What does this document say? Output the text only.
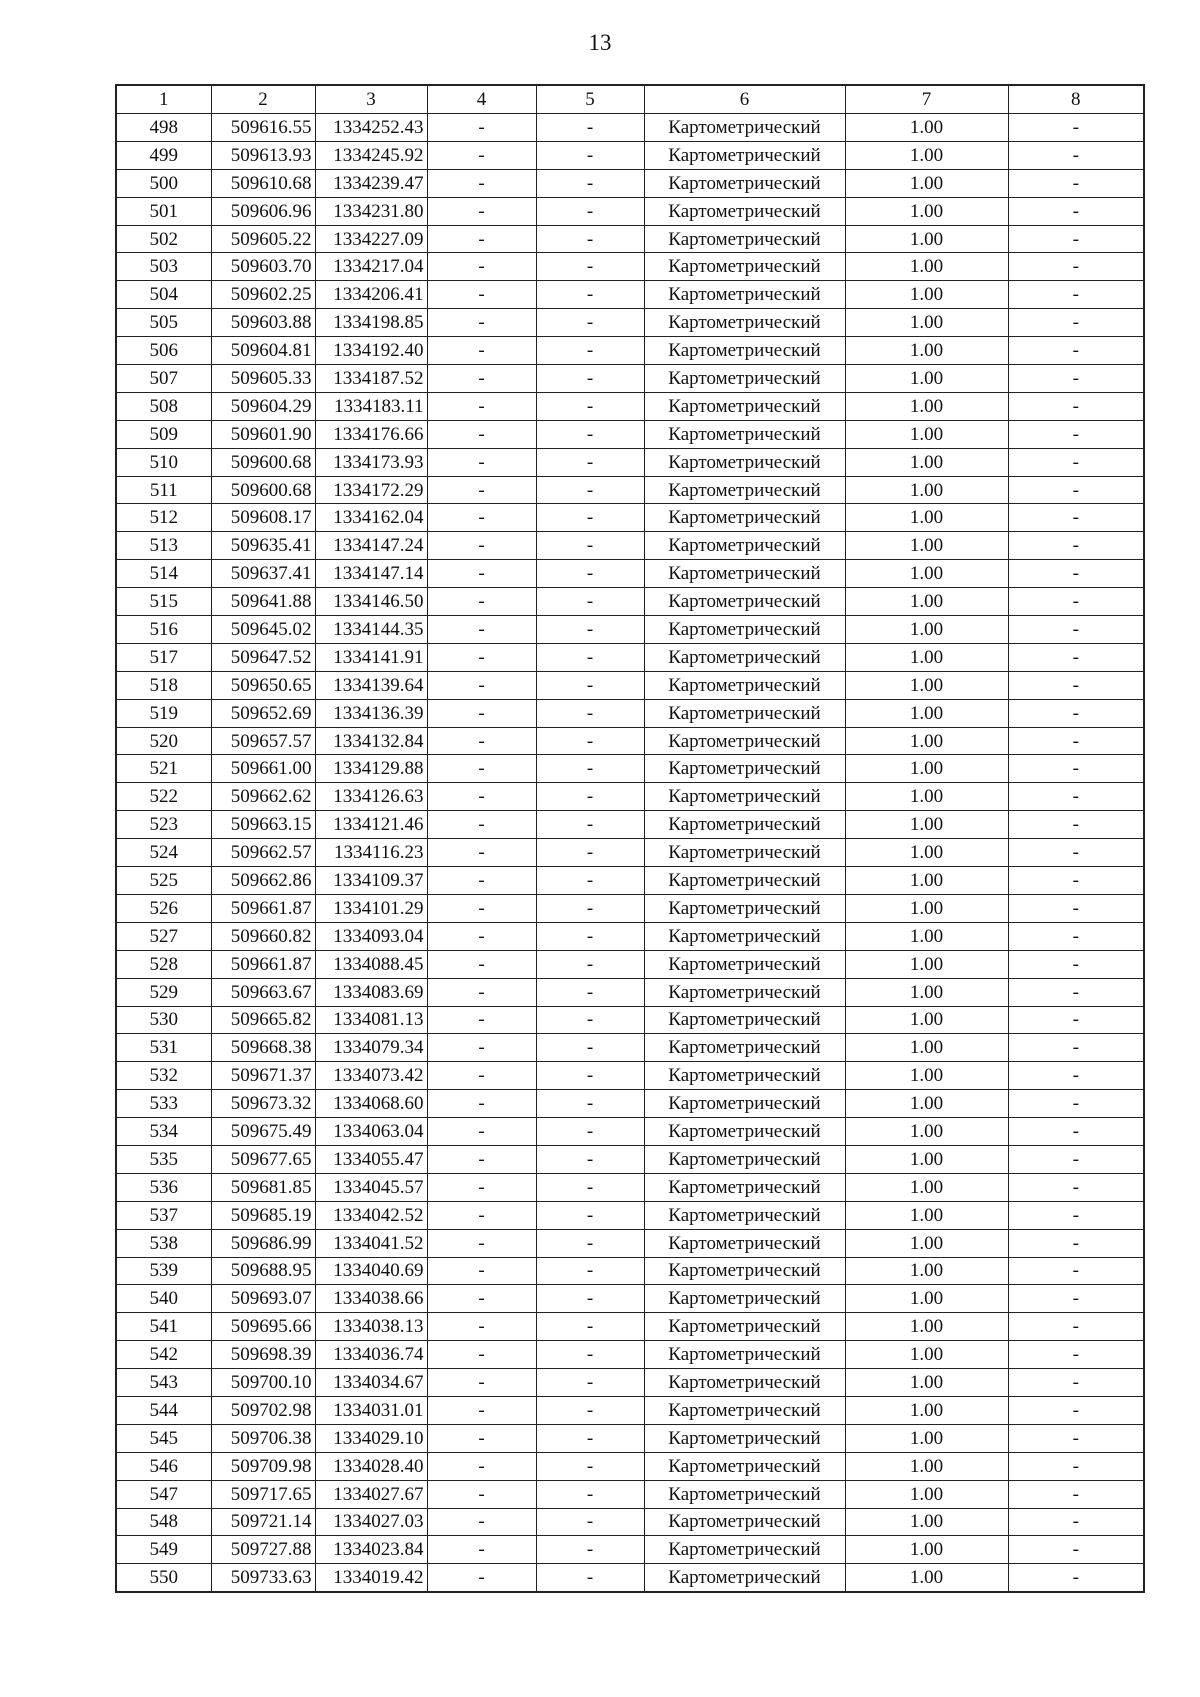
13
1	2	3	4	5	6	7	8
498	509616.55	1334252.43	-	-	Картометрический	1.00	-
499	509613.93	1334245.92	-	-	Картометрический	1.00	-
500	509610.68	1334239.47	-	-	Картометрический	1.00	-
501	509606.96	1334231.80	-	-	Картометрический	1.00	-
502	509605.22	1334227.09	-	-	Картометрический	1.00	-
503	509603.70	1334217.04	-	-	Картометрический	1.00	-
504	509602.25	1334206.41	-	-	Картометрический	1.00	-
505	509603.88	1334198.85	-	-	Картометрический	1.00	-
506	509604.81	1334192.40	-	-	Картометрический	1.00	-
507	509605.33	1334187.52	-	-	Картометрический	1.00	-
508	509604.29	1334183.11	-	-	Картометрический	1.00	-
509	509601.90	1334176.66	-	-	Картометрический	1.00	-
510	509600.68	1334173.93	-	-	Картометрический	1.00	-
511	509600.68	1334172.29	-	-	Картометрический	1.00	-
512	509608.17	1334162.04	-	-	Картометрический	1.00	-
513	509635.41	1334147.24	-	-	Картометрический	1.00	-
514	509637.41	1334147.14	-	-	Картометрический	1.00	-
515	509641.88	1334146.50	-	-	Картометрический	1.00	-
516	509645.02	1334144.35	-	-	Картометрический	1.00	-
517	509647.52	1334141.91	-	-	Картометрический	1.00	-
518	509650.65	1334139.64	-	-	Картометрический	1.00	-
519	509652.69	1334136.39	-	-	Картометрический	1.00	-
520	509657.57	1334132.84	-	-	Картометрический	1.00	-
521	509661.00	1334129.88	-	-	Картометрический	1.00	-
522	509662.62	1334126.63	-	-	Картометрический	1.00	-
523	509663.15	1334121.46	-	-	Картометрический	1.00	-
524	509662.57	1334116.23	-	-	Картометрический	1.00	-
525	509662.86	1334109.37	-	-	Картометрический	1.00	-
526	509661.87	1334101.29	-	-	Картометрический	1.00	-
527	509660.82	1334093.04	-	-	Картометрический	1.00	-
528	509661.87	1334088.45	-	-	Картометрический	1.00	-
529	509663.67	1334083.69	-	-	Картометрический	1.00	-
530	509665.82	1334081.13	-	-	Картометрический	1.00	-
531	509668.38	1334079.34	-	-	Картометрический	1.00	-
532	509671.37	1334073.42	-	-	Картометрический	1.00	-
533	509673.32	1334068.60	-	-	Картометрический	1.00	-
534	509675.49	1334063.04	-	-	Картометрический	1.00	-
535	509677.65	1334055.47	-	-	Картометрический	1.00	-
536	509681.85	1334045.57	-	-	Картометрический	1.00	-
537	509685.19	1334042.52	-	-	Картометрический	1.00	-
538	509686.99	1334041.52	-	-	Картометрический	1.00	-
539	509688.95	1334040.69	-	-	Картометрический	1.00	-
540	509693.07	1334038.66	-	-	Картометрический	1.00	-
541	509695.66	1334038.13	-	-	Картометрический	1.00	-
542	509698.39	1334036.74	-	-	Картометрический	1.00	-
543	509700.10	1334034.67	-	-	Картометрический	1.00	-
544	509702.98	1334031.01	-	-	Картометрический	1.00	-
545	509706.38	1334029.10	-	-	Картометрический	1.00	-
546	509709.98	1334028.40	-	-	Картометрический	1.00	-
547	509717.65	1334027.67	-	-	Картометрический	1.00	-
548	509721.14	1334027.03	-	-	Картометрический	1.00	-
549	509727.88	1334023.84	-	-	Картометрический	1.00	-
550	509733.63	1334019.42	-	-	Картометрический	1.00	-
